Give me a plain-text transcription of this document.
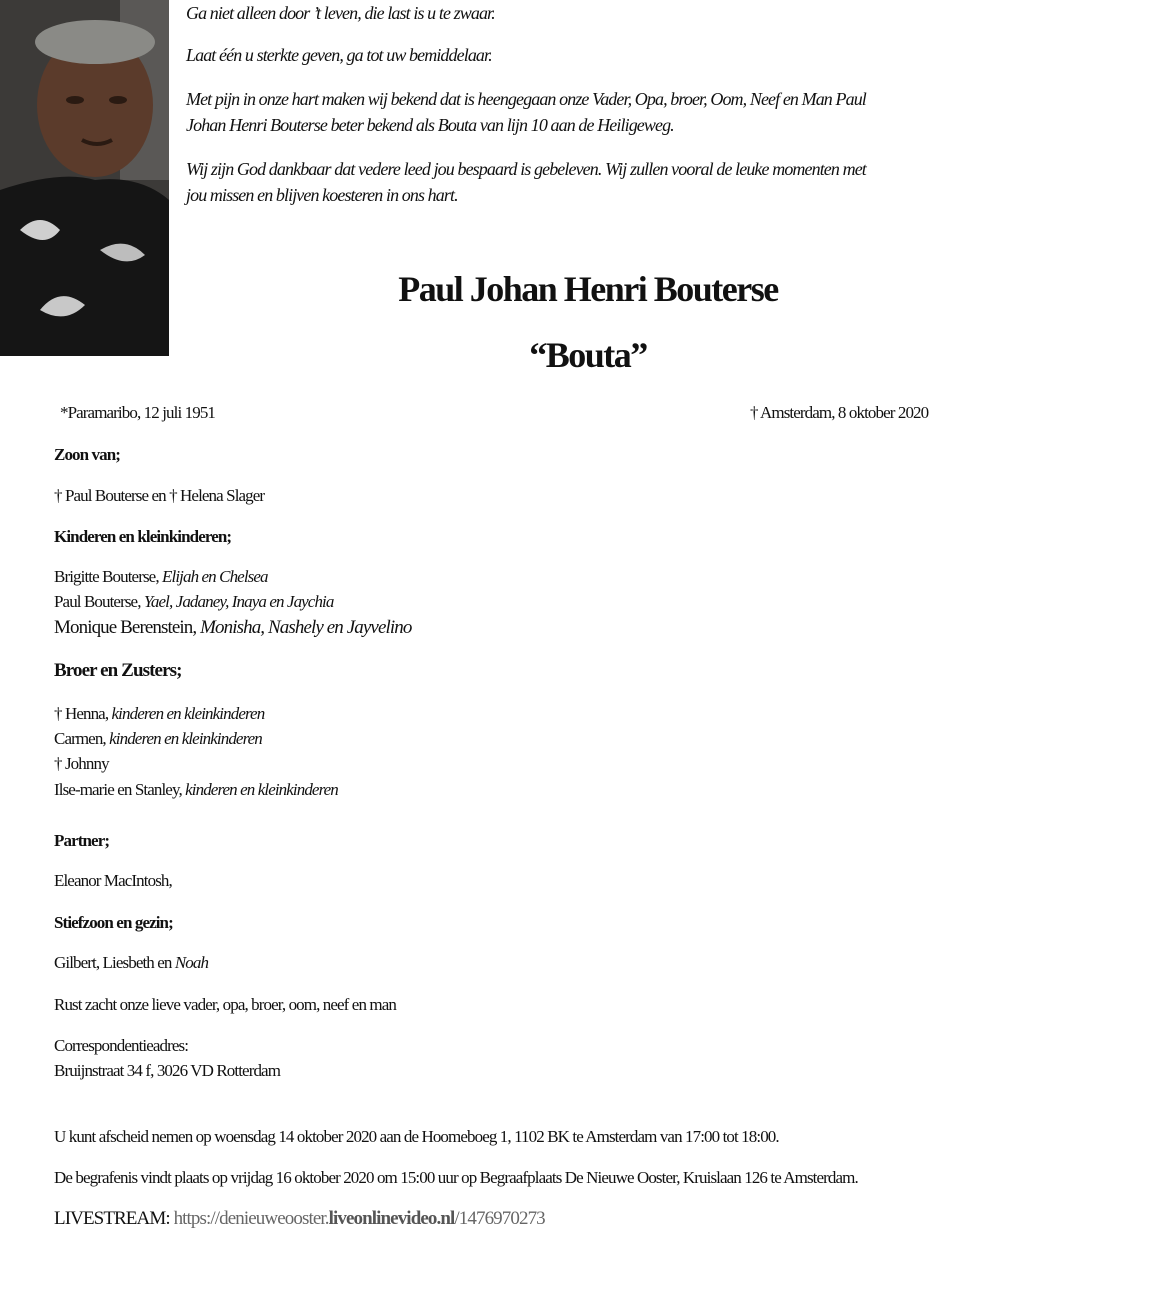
Ga niet alleen door ’t leven, die last is u te zwaar.

Laat één u sterkte geven, ga tot uw bemiddelaar.

Met pijn in onze hart maken wij bekend dat is heengegaan onze Vader, Opa, broer, Oom, Neef en Man Paul

Johan Henri Bouterse beter bekend als Bouta van lijn 10 aan de Heiligeweg.

Wij zijn God dankbaar dat vedere leed jou bespaard is gebeleven. Wij zullen vooral de leuke momenten met

jou missen en blijven koesteren in ons hart.

Paul Johan Henri Bouterse
“Bouta”

*Paramaribo, 12 juli 1951	† Amsterdam, 8 oktober 2020

Zoon van;

† Paul Bouterse en † Helena Slager

Kinderen en kleinkinderen;

Brigitte Bouterse, Elijah en Chelsea

Paul Bouterse, Yael, Jadaney, Inaya en Jaychia

Monique Berenstein, Monisha, Nashely en Jayvelino

Broer en Zusters;

† Henna, kinderen en kleinkinderen

Carmen, kinderen en kleinkinderen

† Johnny

Ilse-marie en Stanley, kinderen en kleinkinderen

Partner;

Eleanor MacIntosh,

Stiefzoon en gezin;

Gilbert, Liesbeth en Noah

Rust zacht onze lieve vader, opa, broer, oom, neef en man

Correspondentieadres:

Bruijnstraat 34 f, 3026 VD Rotterdam

U kunt afscheid nemen op woensdag 14 oktober 2020 aan de Hoomeboeg 1, 1102 BK te Amsterdam van 17:00 tot 18:00.

De begrafenis vindt plaats op vrijdag 16 oktober 2020 om 15:00 uur op Begraafplaats De Nieuwe Ooster, Kruislaan 126 te Amsterdam.

LIVESTREAM: https://denieuweooster.liveonlinevideo.nl/1476970273
